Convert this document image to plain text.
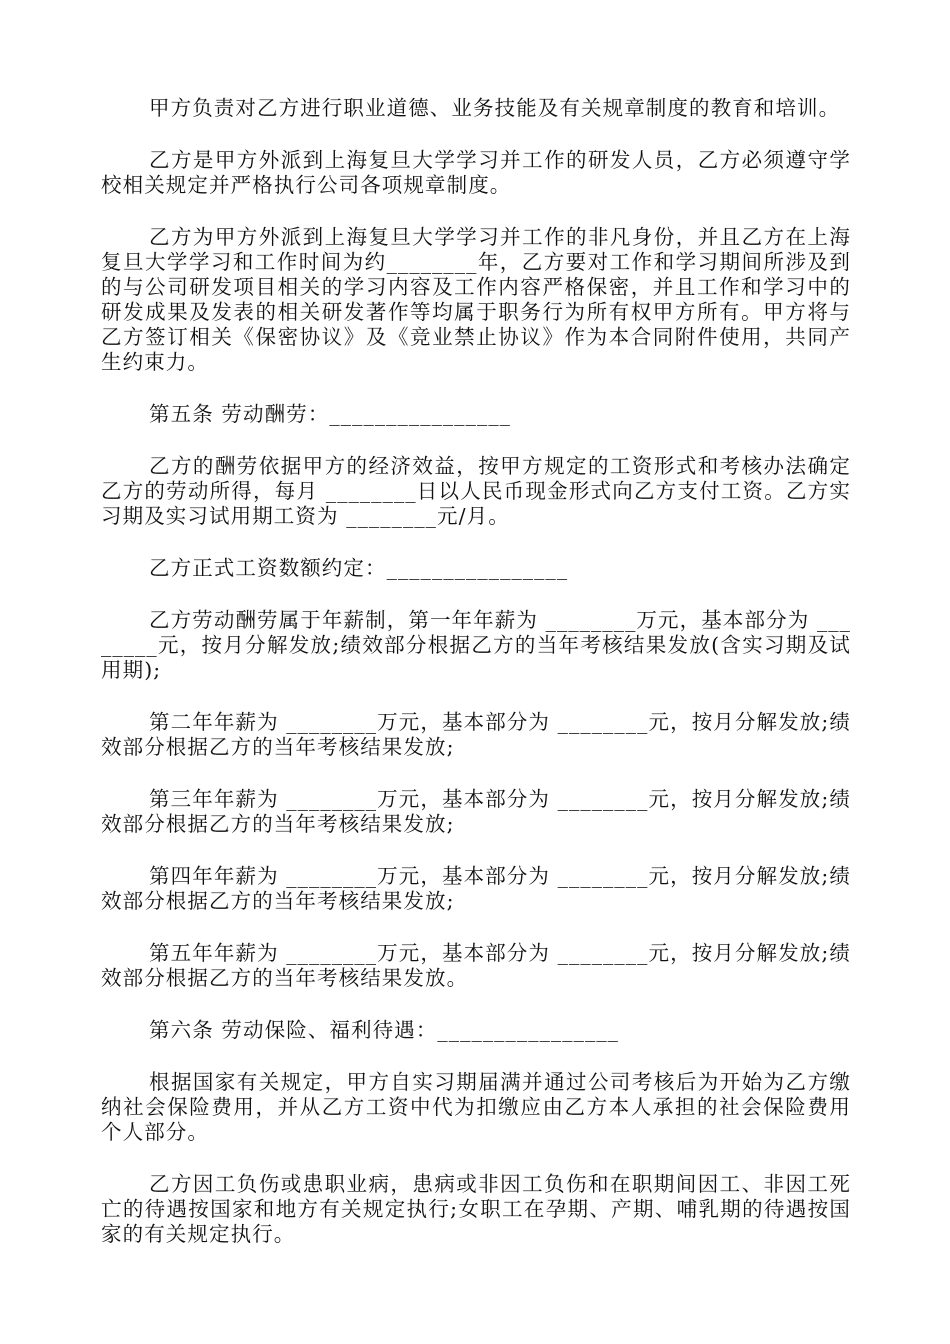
甲方负责对乙方进行职业道德、业务技能及有关规章制度的教育和培训。

乙方是甲方外派到上海复旦大学学习并工作的研发人员，乙方必须遵守学校相关规定并严格执行公司各项规章制度。

乙方为甲方外派到上海复旦大学学习并工作的非凡身份，并且乙方在上海复旦大学学习和工作时间为约________年，乙方要对工作和学习期间所涉及到的与公司研发项目相关的学习内容及工作内容严格保密，并且工作和学习中的研发成果及发表的相关研发著作等均属于职务行为所有权甲方所有。甲方将与乙方签订相关《保密协议》及《竞业禁止协议》作为本合同附件使用，共同产生约束力。

第五条 劳动酬劳：________________

乙方的酬劳依据甲方的经济效益，按甲方规定的工资形式和考核办法确定乙方的劳动所得，每月 ________日以人民币现金形式向乙方支付工资。乙方实习期及实习试用期工资为 ________元/月。

乙方正式工资数额约定：________________

乙方劳动酬劳属于年薪制，第一年年薪为 ________万元，基本部分为 ________元，按月分解发放;绩效部分根据乙方的当年考核结果发放(含实习期及试用期);

第二年年薪为 ________万元，基本部分为 ________元，按月分解发放;绩效部分根据乙方的当年考核结果发放;

第三年年薪为 ________万元，基本部分为 ________元，按月分解发放;绩效部分根据乙方的当年考核结果发放;

第四年年薪为 ________万元，基本部分为 ________元，按月分解发放;绩效部分根据乙方的当年考核结果发放;

第五年年薪为 ________万元，基本部分为 ________元，按月分解发放;绩效部分根据乙方的当年考核结果发放。

第六条 劳动保险、福利待遇：________________

根据国家有关规定，甲方自实习期届满并通过公司考核后为开始为乙方缴纳社会保险费用，并从乙方工资中代为扣缴应由乙方本人承担的社会保险费用个人部分。

乙方因工负伤或患职业病，患病或非因工负伤和在职期间因工、非因工死亡的待遇按国家和地方有关规定执行;女职工在孕期、产期、哺乳期的待遇按国家的有关规定执行。
